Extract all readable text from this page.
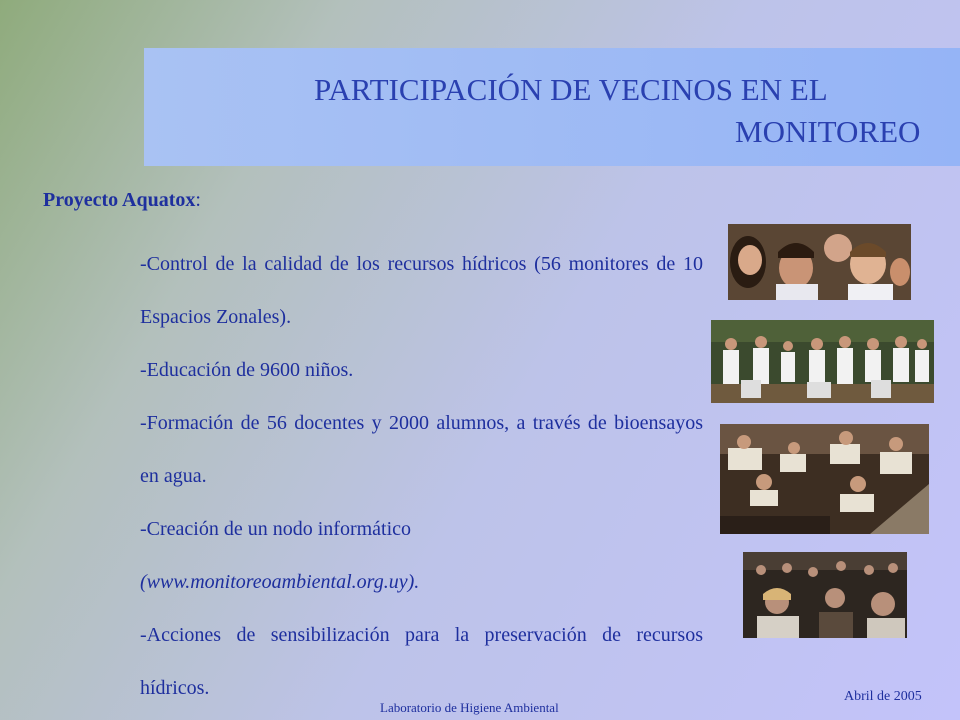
PARTICIPACIÓN DE VECINOS EN EL
MONITOREO
Proyecto Aquatox:

-Control de la calidad de los recursos hídricos (56 monitores de 10 Espacios Zonales).

-Educación de 9600 niños.

-Formación de 56 docentes y 2000 alumnos, a través de bioensayos en agua.

-Creación de un nodo informático

(www.monitoreoambiental.org.uy).

-Acciones de sensibilización para la preservación de recursos hídricos.

Laboratorio de Higiene Ambiental
Abril de 2005
